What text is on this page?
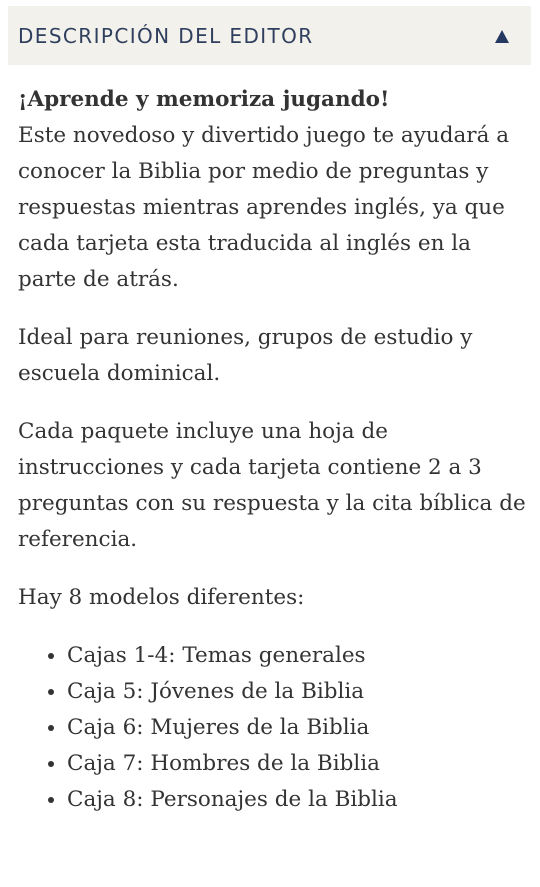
DESCRIPCIÓN DEL EDITOR

¡Aprende y memoriza jugando!
Este novedoso y divertido juego te ayudará a conocer la Biblia por medio de preguntas y respuestas mientras aprendes inglés, ya que cada tarjeta esta traducida al inglés en la parte de atrás.

Ideal para reuniones, grupos de estudio y escuela dominical.

Cada paquete incluye una hoja de instrucciones y cada tarjeta contiene 2 a 3 preguntas con su respuesta y la cita bíblica de referencia.

Hay 8 modelos diferentes:

• Cajas 1-4: Temas generales
• Caja 5: Jóvenes de la Biblia
• Caja 6: Mujeres de la Biblia
• Caja 7: Hombres de la Biblia
• Caja 8: Personajes de la Biblia
